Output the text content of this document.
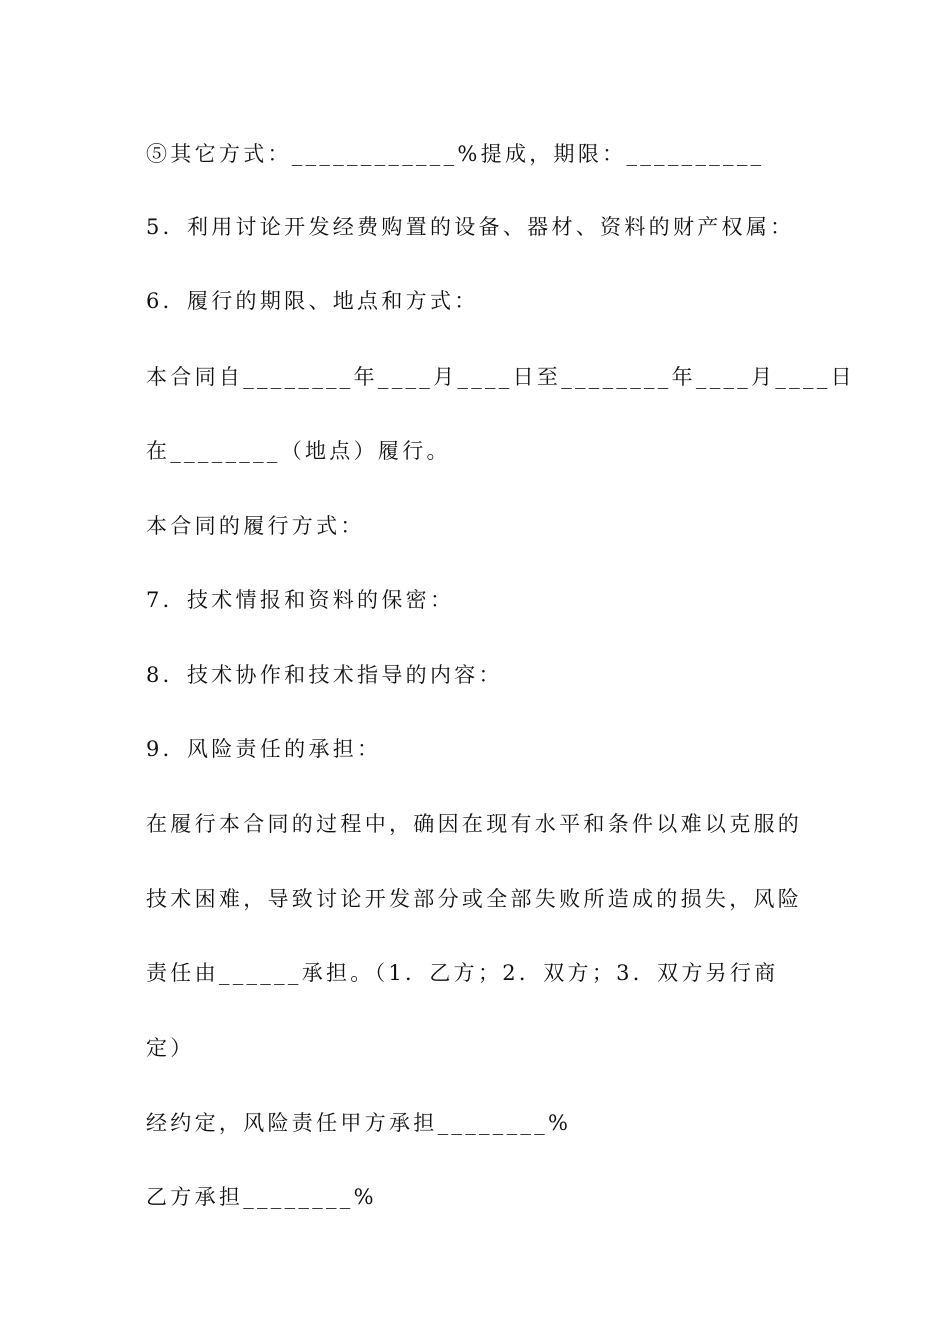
⑤其它方式：____________%提成，期限：__________
5．利用讨论开发经费购置的设备、器材、资料的财产权属：
6．履行的期限、地点和方式：
本合同自________年____月____日至________年____月____日
在________（地点）履行。
本合同的履行方式：
7．技术情报和资料的保密：
8．技术协作和技术指导的内容：
9．风险责任的承担：
在履行本合同的过程中，确因在现有水平和条件以难以克服的
技术困难，导致讨论开发部分或全部失败所造成的损失，风险
责任由______承担。（1．乙方；2．双方；3．双方另行商
定）
经约定，风险责任甲方承担________%
乙方承担________%
